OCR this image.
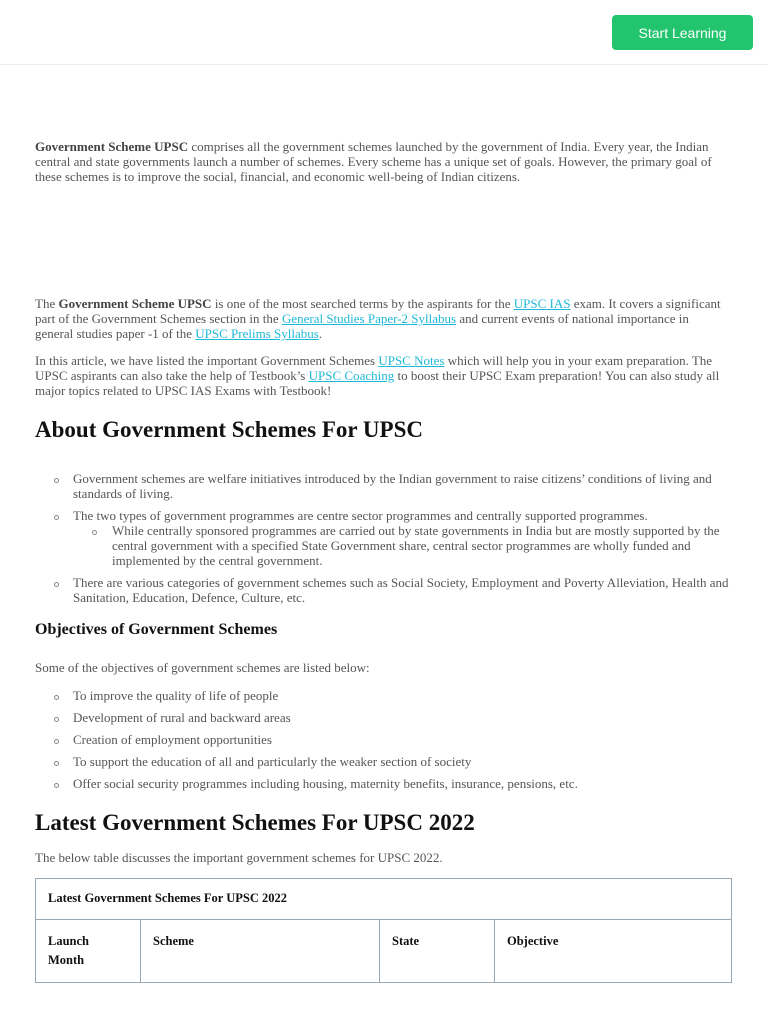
Start Learning

Government Scheme UPSC comprises all the government schemes launched by the government of India. Every year, the Indian central and state governments launch a number of schemes. Every scheme has a unique set of goals. However, the primary goal of these schemes is to improve the social, financial, and economic well-being of Indian citizens.

The Government Scheme UPSC is one of the most searched terms by the aspirants for the UPSC IAS exam. It covers a significant part of the Government Schemes section in the General Studies Paper-2 Syllabus and current events of national importance in general studies paper -1 of the UPSC Prelims Syllabus.

In this article, we have listed the important Government Schemes UPSC Notes which will help you in your exam preparation. The UPSC aspirants can also take the help of Testbook’s UPSC Coaching to boost their UPSC Exam preparation! You can also study all major topics related to UPSC IAS Exams with Testbook!

About Government Schemes For UPSC
Government schemes are welfare initiatives introduced by the Indian government to raise citizens’ conditions of living and standards of living.
The two types of government programmes are centre sector programmes and centrally supported programmes.
While centrally sponsored programmes are carried out by state governments in India but are mostly supported by the central government with a specified State Government share, central sector programmes are wholly funded and implemented by the central government.
There are various categories of government schemes such as Social Society, Employment and Poverty Alleviation, Health and Sanitation, Education, Defence, Culture, etc.
Objectives of Government Schemes

Some of the objectives of government schemes are listed below:

To improve the quality of life of people
Development of rural and backward areas
Creation of employment opportunities
To support the education of all and particularly the weaker section of society
Offer social security programmes including housing, maternity benefits, insurance, pensions, etc.
Latest Government Schemes For UPSC 2022

The below table discusses the important government schemes for UPSC 2022.

Latest Government Schemes For UPSC 2022
Launch Month	Scheme	State	Objective
